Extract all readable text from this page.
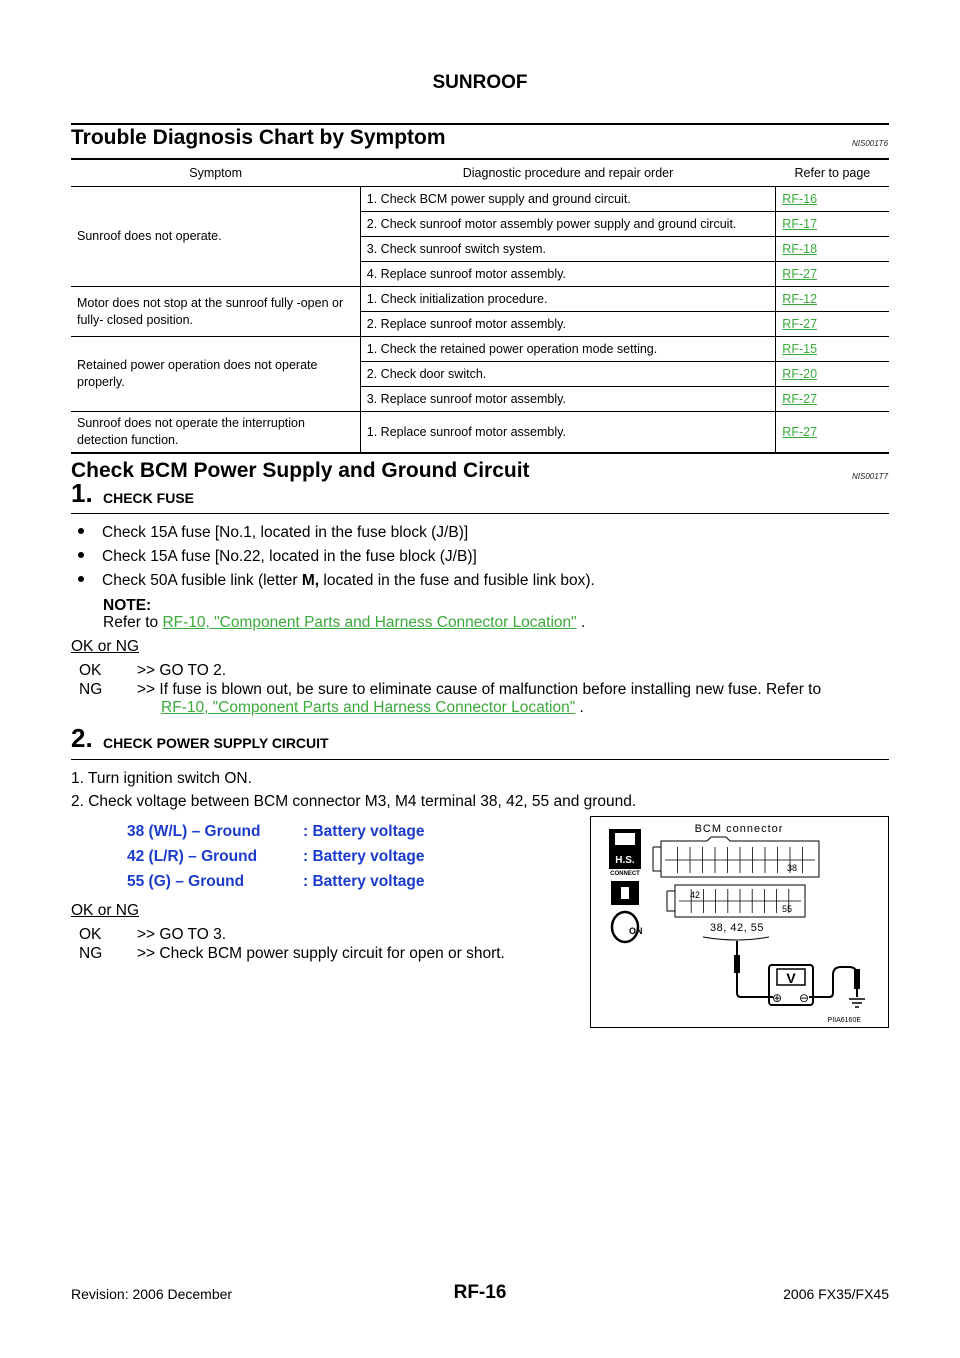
SUNROOF
Trouble Diagnosis Chart by Symptom	NIS001T6
Symptom	Diagnostic procedure and repair order	Refer to page
Sunroof does not operate.	1. Check BCM power supply and ground circuit.	RF-16
	2. Check sunroof motor assembly power supply and ground circuit.	RF-17
	3. Check sunroof switch system.	RF-18
	4. Replace sunroof motor assembly.	RF-27
Motor does not stop at the sunroof fully -open or fully- closed position.	1. Check initialization procedure.	RF-12
	2. Replace sunroof motor assembly.	RF-27
Retained power operation does not operate properly.	1. Check the retained power operation mode setting.	RF-15
	2. Check door switch.	RF-20
	3. Replace sunroof motor assembly.	RF-27
Sunroof does not operate the interruption detection function.	1. Replace sunroof motor assembly.	RF-27

Check BCM Power Supply and Ground Circuit	NIS001T7
1. CHECK FUSE
Check 15A fuse [No.1, located in the fuse block (J/B)]
Check 15A fuse [No.22, located in the fuse block (J/B)]
Check 50A fusible link (letter M, located in the fuse and fusible link box).
NOTE:
Refer to RF-10, "Component Parts and Harness Connector Location" .
OK or NG
OK >> GO TO 2.
NG >> If fuse is blown out, be sure to eliminate cause of malfunction before installing new fuse. Refer to
RF-10, "Component Parts and Harness Connector Location" .
2. CHECK POWER SUPPLY CIRCUIT
1. Turn ignition switch ON.
2. Check voltage between BCM connector M3, M4 terminal 38, 42, 55 and ground.
38 (W/L) – Ground	: Battery voltage
42 (L/R) – Ground	: Battery voltage
55 (G) – Ground	: Battery voltage
OK or NG
OK >> GO TO 3.
NG >> Check BCM power supply circuit for open or short.
H.S.
CONNECT
ON
BCM connector
38
42
55
38, 42, 55
V
⊕ ⊖
PIIA6160E
Revision: 2006 December	RF-16	2006 FX35/FX45
